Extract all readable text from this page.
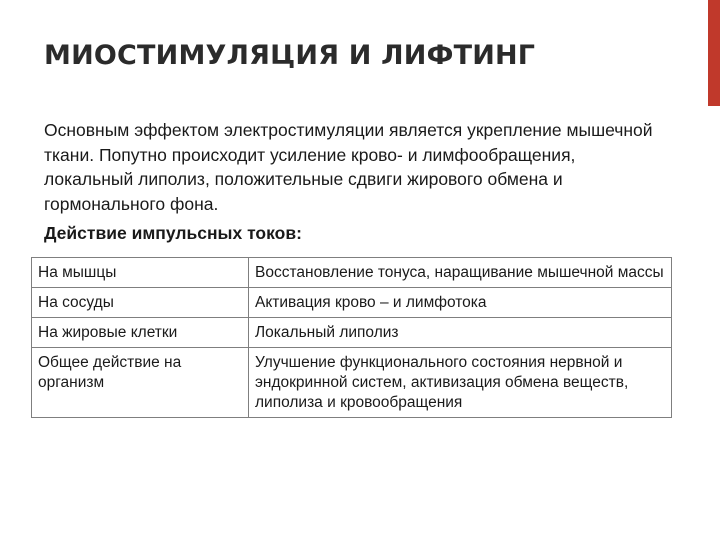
МИОСТИМУЛЯЦИЯ И ЛИФТИНГ

Основным эффектом электростимуляции является укрепление мышечной ткани. Попутно происходит усиление крово- и лимфообращения, локальный липолиз, положительные сдвиги жирового обмена и гормонального фона.

Действие импульсных токов:

На мышцы	Восстановление тонуса, наращивание мышечной массы
На сосуды	Активация крово – и лимфотока
На жировые клетки	Локальный липолиз
Общее действие на организм	Улучшение функционального состояния нервной и эндокринной систем, активизация обмена веществ, липолиза и кровообращения
